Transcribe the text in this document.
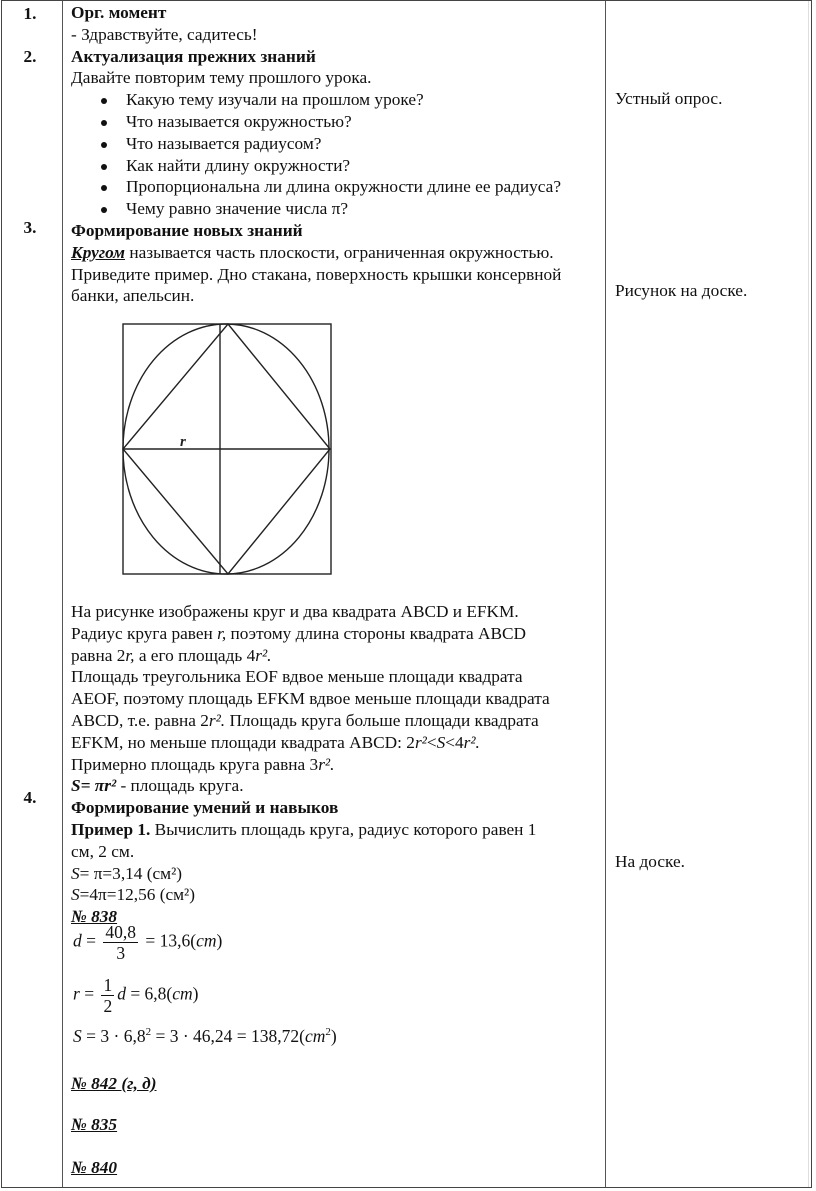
1.
2.
3.
4.
Устный опрос.
Рисунок на доске.
На доске.
Орг. момент
- Здравствуйте, садитесь!
Актуализация прежних знаний
Давайте повторим тему прошлого урока.
Какую тему изучали на прошлом уроке?
Что называется окружностью?
Что называется радиусом?
Как найти длину окружности?
Пропорциональна ли длина окружности длине ее радиуса?
Чему равно значение числа π?
Формирование новых знаний
Кругом называется часть плоскости, ограниченная окружностью.
Приведите пример. Дно стакана, поверхность крышки консервной
банки, апельсин.
r
На рисунке изображены круг и два квадрата ABCD и EFKM.
Радиус круга равен r, поэтому длина стороны квадрата ABCD
равна 2r, а его площадь 4r².
Площадь треугольника EOF вдвое меньше площади квадрата
AEOF, поэтому площадь EFKM вдвое меньше площади квадрата
ABCD, т.е. равна 2r². Площадь круга больше площади квадрата
EFKM, но меньше площади квадрата ABCD: 2r²<S<4r².
Примерно площадь круга равна 3r².
S= πr² - площадь круга.
Формирование умений и навыков
Пример 1. Вычислить площадь круга, радиус которого равен 1
см, 2 см.
S= π=3,14 (см²)
S=4π=12,56 (см²)
№ 838
$d = \frac{40,8}{3} = 13,6(cm)$
$r = \frac{1}{2}$ d = 6,8(cm)
$S = 3 \cdot 6,8^2 = 3 \cdot 46,24 = 138,72(cm^2)$
№ 842 (г, д)
№ 835
№ 840
